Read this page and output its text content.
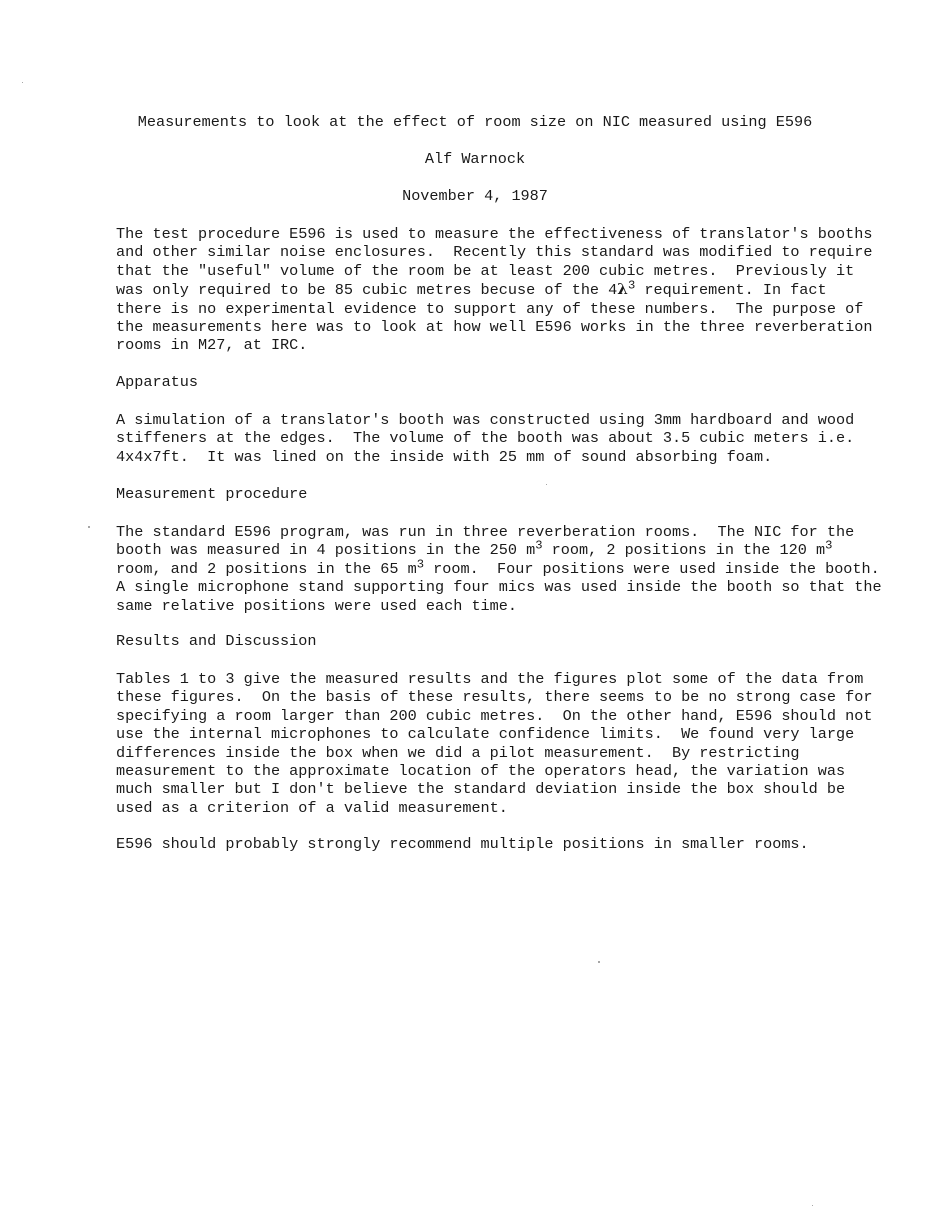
Measurements to look at the effect of room size on NIC measured using E596
Alf Warnock
November 4, 1987
The test procedure E596 is used to measure the effectiveness of translator's booths
and other similar noise enclosures.  Recently this standard was modified to require
that the "useful" volume of the room be at least 200 cubic metres.  Previously it
was only required to be 85 cubic metres becuse of the $4\lambda^3$ requirement. In fact
there is no experimental evidence to support any of these numbers.  The purpose of
the measurements here was to look at how well E596 works in the three reverberation
rooms in M27, at IRC.
Apparatus
A simulation of a translator's booth was constructed using 3mm hardboard and wood
stiffeners at the edges.  The volume of the booth was about 3.5 cubic meters i.e.
4x4x7ft.  It was lined on the inside with 25 mm of sound absorbing foam.
Measurement procedure
The standard E596 program, was run in three reverberation rooms.  The NIC for the
booth was measured in 4 positions in the 250 $m^3$ room, 2 positions in the 120 $m^3$
room, and 2 positions in the 65 $m^3$ room.  Four positions were used inside the booth.
A single microphone stand supporting four mics was used inside the booth so that the
same relative positions were used each time.
Results and Discussion
Tables 1 to 3 give the measured results and the figures plot some of the data from
these figures.  On the basis of these results, there seems to be no strong case for
specifying a room larger than 200 cubic metres.  On the other hand, E596 should not
use the internal microphones to calculate confidence limits.  We found very large
differences inside the box when we did a pilot measurement.  By restricting
measurement to the approximate location of the operators head, the variation was
much smaller but I don't believe the standard deviation inside the box should be
used as a criterion of a valid measurement.
E596 should probably strongly recommend multiple positions in smaller rooms.
